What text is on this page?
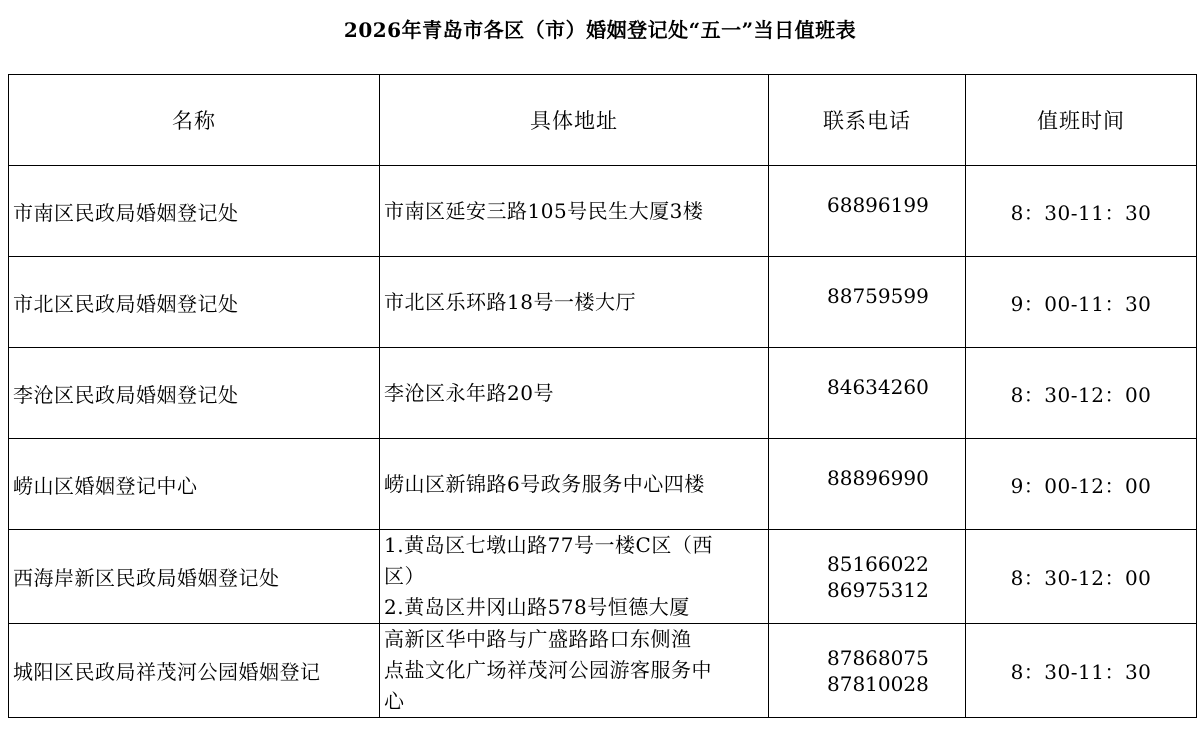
2026年青岛市各区（市）婚姻登记处“五一”当日值班表
名称	具体地址	联系电话	值班时间
市南区民政局婚姻登记处	市南区延安三路105号民生大厦3楼	68896199	8：30-11：30
市北区民政局婚姻登记处	市北区乐环路18号一楼大厅	88759599	9：00-11：30
李沧区民政局婚姻登记处	李沧区永年路20号	84634260	8：30-12：00
崂山区婚姻登记中心	崂山区新锦路6号政务服务中心四楼	88896990	9：00-12：00
西海岸新区民政局婚姻登记处	1.黄岛区七墩山路77号一楼C区（西
区）
2.黄岛区井冈山路578号恒德大厦	85166022
86975312	8：30-12：00
城阳区民政局祥茂河公园婚姻登记	高新区华中路与广盛路路口东侧渔
点盐文化广场祥茂河公园游客服务中
心	87868075
87810028	8：30-11：30
